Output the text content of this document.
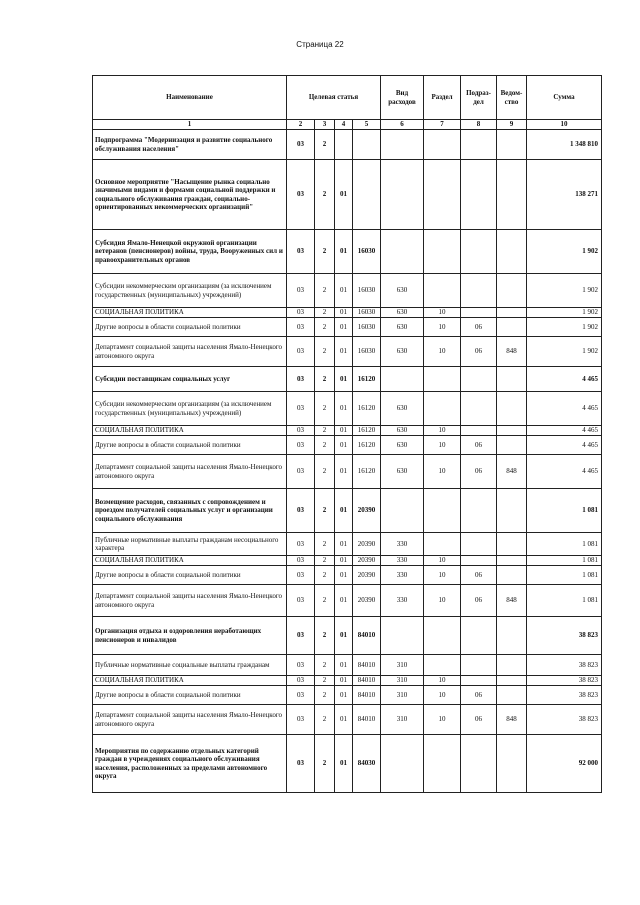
Страница 22
Наименование	Целевая статья				Вид расходов	Раздел	Подраз-дел	Ведом-ство	Сумма
1	2	3	4	5	6	7	8	9	10
Подпрограмма "Модернизация и развитие социального обслуживания населения"	03	2							1 348 810
Основное мероприятие "Насыщение рынка социально значимыми видами и формами социальной поддержки и социального обслуживания граждан, социально-ориентированных некоммерческих организаций"	03	2	01						138 271
Субсидия Ямало-Ненецкой окружной организации ветеранов (пенсионеров) войны, труда, Вооруженных сил и правоохранительных органов	03	2	01	16030					1 902
Субсидии некоммерческим организациям (за исключением государственных (муниципальных) учреждений)	03	2	01	16030	630				1 902
СОЦИАЛЬНАЯ ПОЛИТИКА	03	2	01	16030	630	10			1 902
Другие вопросы в области социальной политики	03	2	01	16030	630	10	06		1 902
Департамент социальной защиты населения Ямало-Ненецкого автономного округа	03	2	01	16030	630	10	06	848	1 902
Субсидии поставщикам социальных услуг	03	2	01	16120					4 465
Субсидии некоммерческим организациям (за исключением государственных (муниципальных) учреждений)	03	2	01	16120	630				4 465
СОЦИАЛЬНАЯ ПОЛИТИКА	03	2	01	16120	630	10			4 465
Другие вопросы в области социальной политики	03	2	01	16120	630	10	06		4 465
Департамент социальной защиты населения Ямало-Ненецкого автономного округа	03	2	01	16120	630	10	06	848	4 465
Возмещение расходов, связанных с сопровождением и проездом получателей социальных услуг и организации социального обслуживания	03	2	01	20390					1 081
Публичные нормативные выплаты гражданам несоциального характера	03	2	01	20390	330				1 081
СОЦИАЛЬНАЯ ПОЛИТИКА	03	2	01	20390	330	10			1 081
Другие вопросы в области социальной политики	03	2	01	20390	330	10	06		1 081
Департамент социальной защиты населения Ямало-Ненецкого автономного округа	03	2	01	20390	330	10	06	848	1 081
Организация отдыха и оздоровления неработающих пенсионеров и инвалидов	03	2	01	84010					38 823
Публичные нормативные социальные выплаты гражданам	03	2	01	84010	310				38 823
СОЦИАЛЬНАЯ ПОЛИТИКА	03	2	01	84010	310	10			38 823
Другие вопросы в области социальной политики	03	2	01	84010	310	10	06		38 823
Департамент социальной защиты населения Ямало-Ненецкого автономного округа	03	2	01	84010	310	10	06	848	38 823
Мероприятия по содержанию отдельных категорий граждан в учреждениях социального обслуживания населения, расположенных за пределами автономного округа	03	2	01	84030					92 000
